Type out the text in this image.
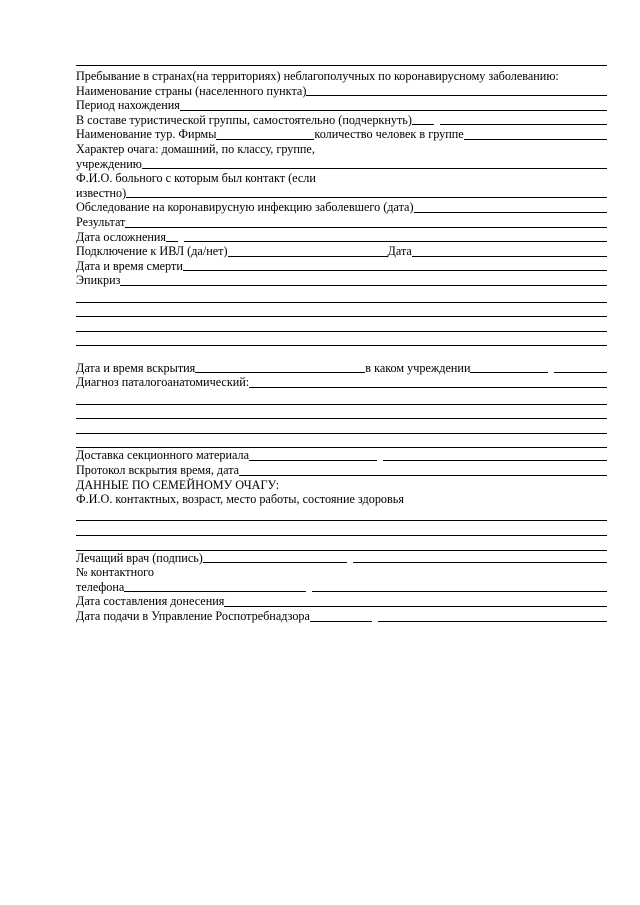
Пребывание в странах(на территориях) неблагополучных по коронавирусному заболеванию:
Наименование страны (населенного пункта)
Период нахождения
В составе туристической группы, самостоятельно (подчеркнуть)
Наименование тур. Фирмы	количество человек в группе
Характер очага: домашний, по классу, группе,
учреждению
Ф.И.О. больного с которым был контакт (если
известно)
Обследование на коронавирусную инфекцию заболевшего (дата)
Результат
Дата осложнения
Подключение к ИВЛ (да/нет)	Дата
Дата и время смерти
Эпикриз
Дата и время вскрытия	в каком учреждении
Диагноз паталогоанатомический:
Доставка секционного материала
Протокол вскрытия время, дата
ДАННЫЕ ПО СЕМЕЙНОМУ ОЧАГУ:
Ф.И.О. контактных, возраст, место работы, состояние здоровья
Лечащий врач (подпись)
№ контактного
телефона
Дата составления донесения
Дата подачи в Управление Роспотребнадзора
